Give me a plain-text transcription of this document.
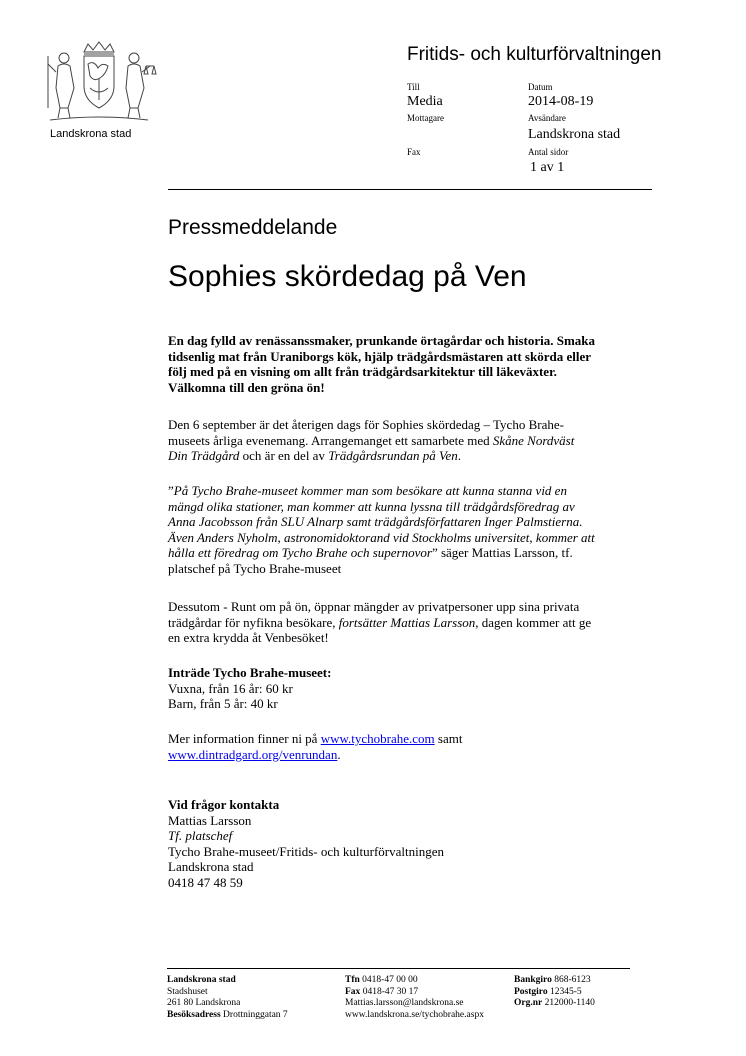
Landskrona stad
Fritids- och kulturförvaltningen
Till
Media
Mottagare
Fax
Datum
2014-08-19
Avsändare
Landskrona stad
Antal sidor
1 av 1
Pressmeddelande
Sophies skördedag på Ven
En dag fylld av renässanssmaker, prunkande örtagårdar och historia. Smaka
tidsenlig mat från Uraniborgs kök, hjälp trädgårdsmästaren att skörda eller
följ med på en visning om allt från trädgårdsarkitektur till läkeväxter.
Välkomna till den gröna ön!
Den 6 september är det återigen dags för Sophies skördedag – Tycho Brahe-
museets årliga evenemang. Arrangemanget ett samarbete med Skåne Nordväst
Din Trädgård och är en del av Trädgårdsrundan på Ven.
”På Tycho Brahe-museet kommer man som besökare att kunna stanna vid en
mängd olika stationer, man kommer att kunna lyssna till trädgårdsföredrag av
Anna Jacobsson från SLU Alnarp samt trädgårdsförfattaren Inger Palmstierna.
Även Anders Nyholm, astronomidoktorand vid Stockholms universitet, kommer att
hålla ett föredrag om Tycho Brahe och supernovor” säger Mattias Larsson, tf.
platschef på Tycho Brahe-museet
Dessutom - Runt om på ön, öppnar mängder av privatpersoner upp sina privata
trädgårdar för nyfikna besökare, fortsätter Mattias Larsson, dagen kommer att ge
en extra krydda åt Venbesöket!
Inträde Tycho Brahe-museet:
Vuxna, från 16 år: 60 kr
Barn, från 5 år: 40 kr
Mer information finner ni på www.tychobrahe.com samt
www.dintradgard.org/venrundan.
Vid frågor kontakta
Mattias Larsson
Tf. platschef
Tycho Brahe-museet/Fritids- och kulturförvaltningen
Landskrona stad
0418 47 48 59
Landskrona stad
Stadshuset
261 80 Landskrona
Besöksadress Drottninggatan 7
Tfn 0418-47 00 00
Fax 0418-47 30 17
Mattias.larsson@landskrona.se
www.landskrona.se/tychobrahe.aspx
Bankgiro 868-6123
Postgiro 12345-5
Org.nr 212000-1140
